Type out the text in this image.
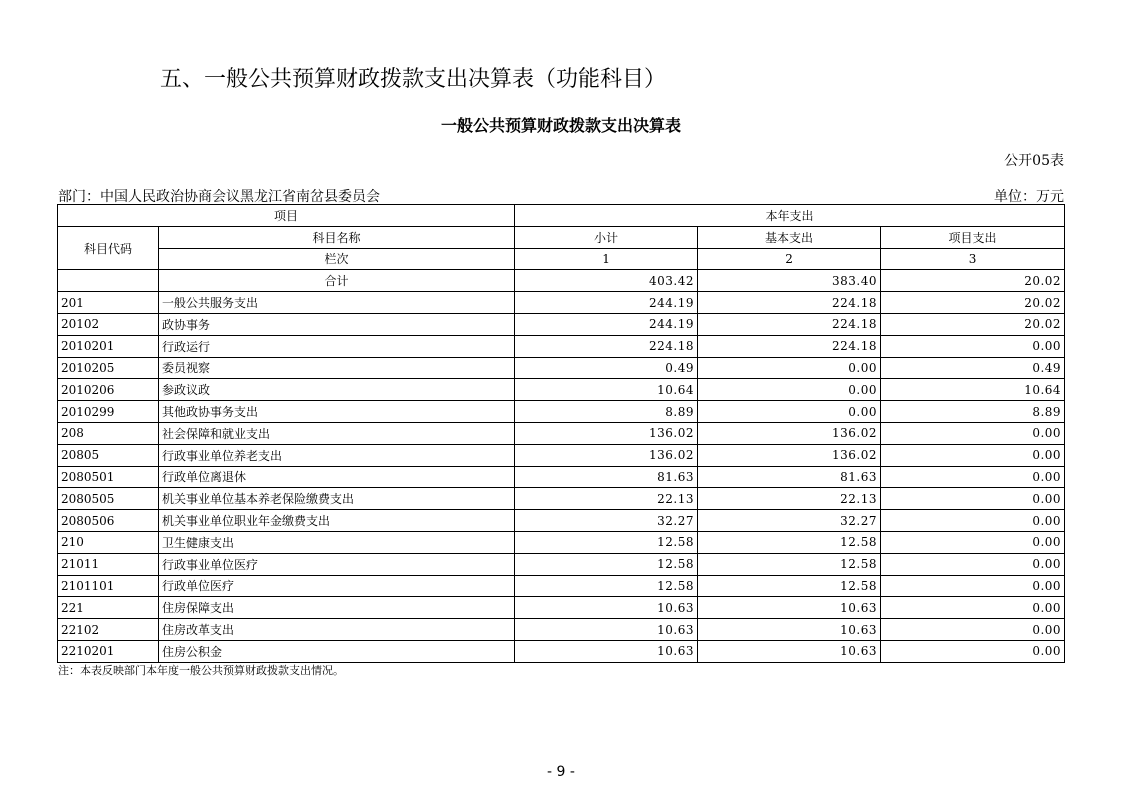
五、一般公共预算财政拨款支出决算表（功能科目）
一般公共预算财政拨款支出决算表
公开05表
部门：中国人民政治协商会议黑龙江省南岔县委员会	单位：万元
项目		本年支出		
科目代码	科目名称	小计	基本支出	项目支出
	栏次	1	2	3
	合计	403.42	383.40	20.02
201	一般公共服务支出	244.19	224.18	20.02
20102	政协事务	244.19	224.18	20.02
2010201	行政运行	224.18	224.18	0.00
2010205	委员视察	0.49	0.00	0.49
2010206	参政议政	10.64	0.00	10.64
2010299	其他政协事务支出	8.89	0.00	8.89
208	社会保障和就业支出	136.02	136.02	0.00
20805	行政事业单位养老支出	136.02	136.02	0.00
2080501	行政单位离退休	81.63	81.63	0.00
2080505	机关事业单位基本养老保险缴费支出	22.13	22.13	0.00
2080506	机关事业单位职业年金缴费支出	32.27	32.27	0.00
210	卫生健康支出	12.58	12.58	0.00
21011	行政事业单位医疗	12.58	12.58	0.00
2101101	行政单位医疗	12.58	12.58	0.00
221	住房保障支出	10.63	10.63	0.00
22102	住房改革支出	10.63	10.63	0.00
2210201	住房公积金	10.63	10.63	0.00
注：本表反映部门本年度一般公共预算财政拨款支出情况。
- 9 -
